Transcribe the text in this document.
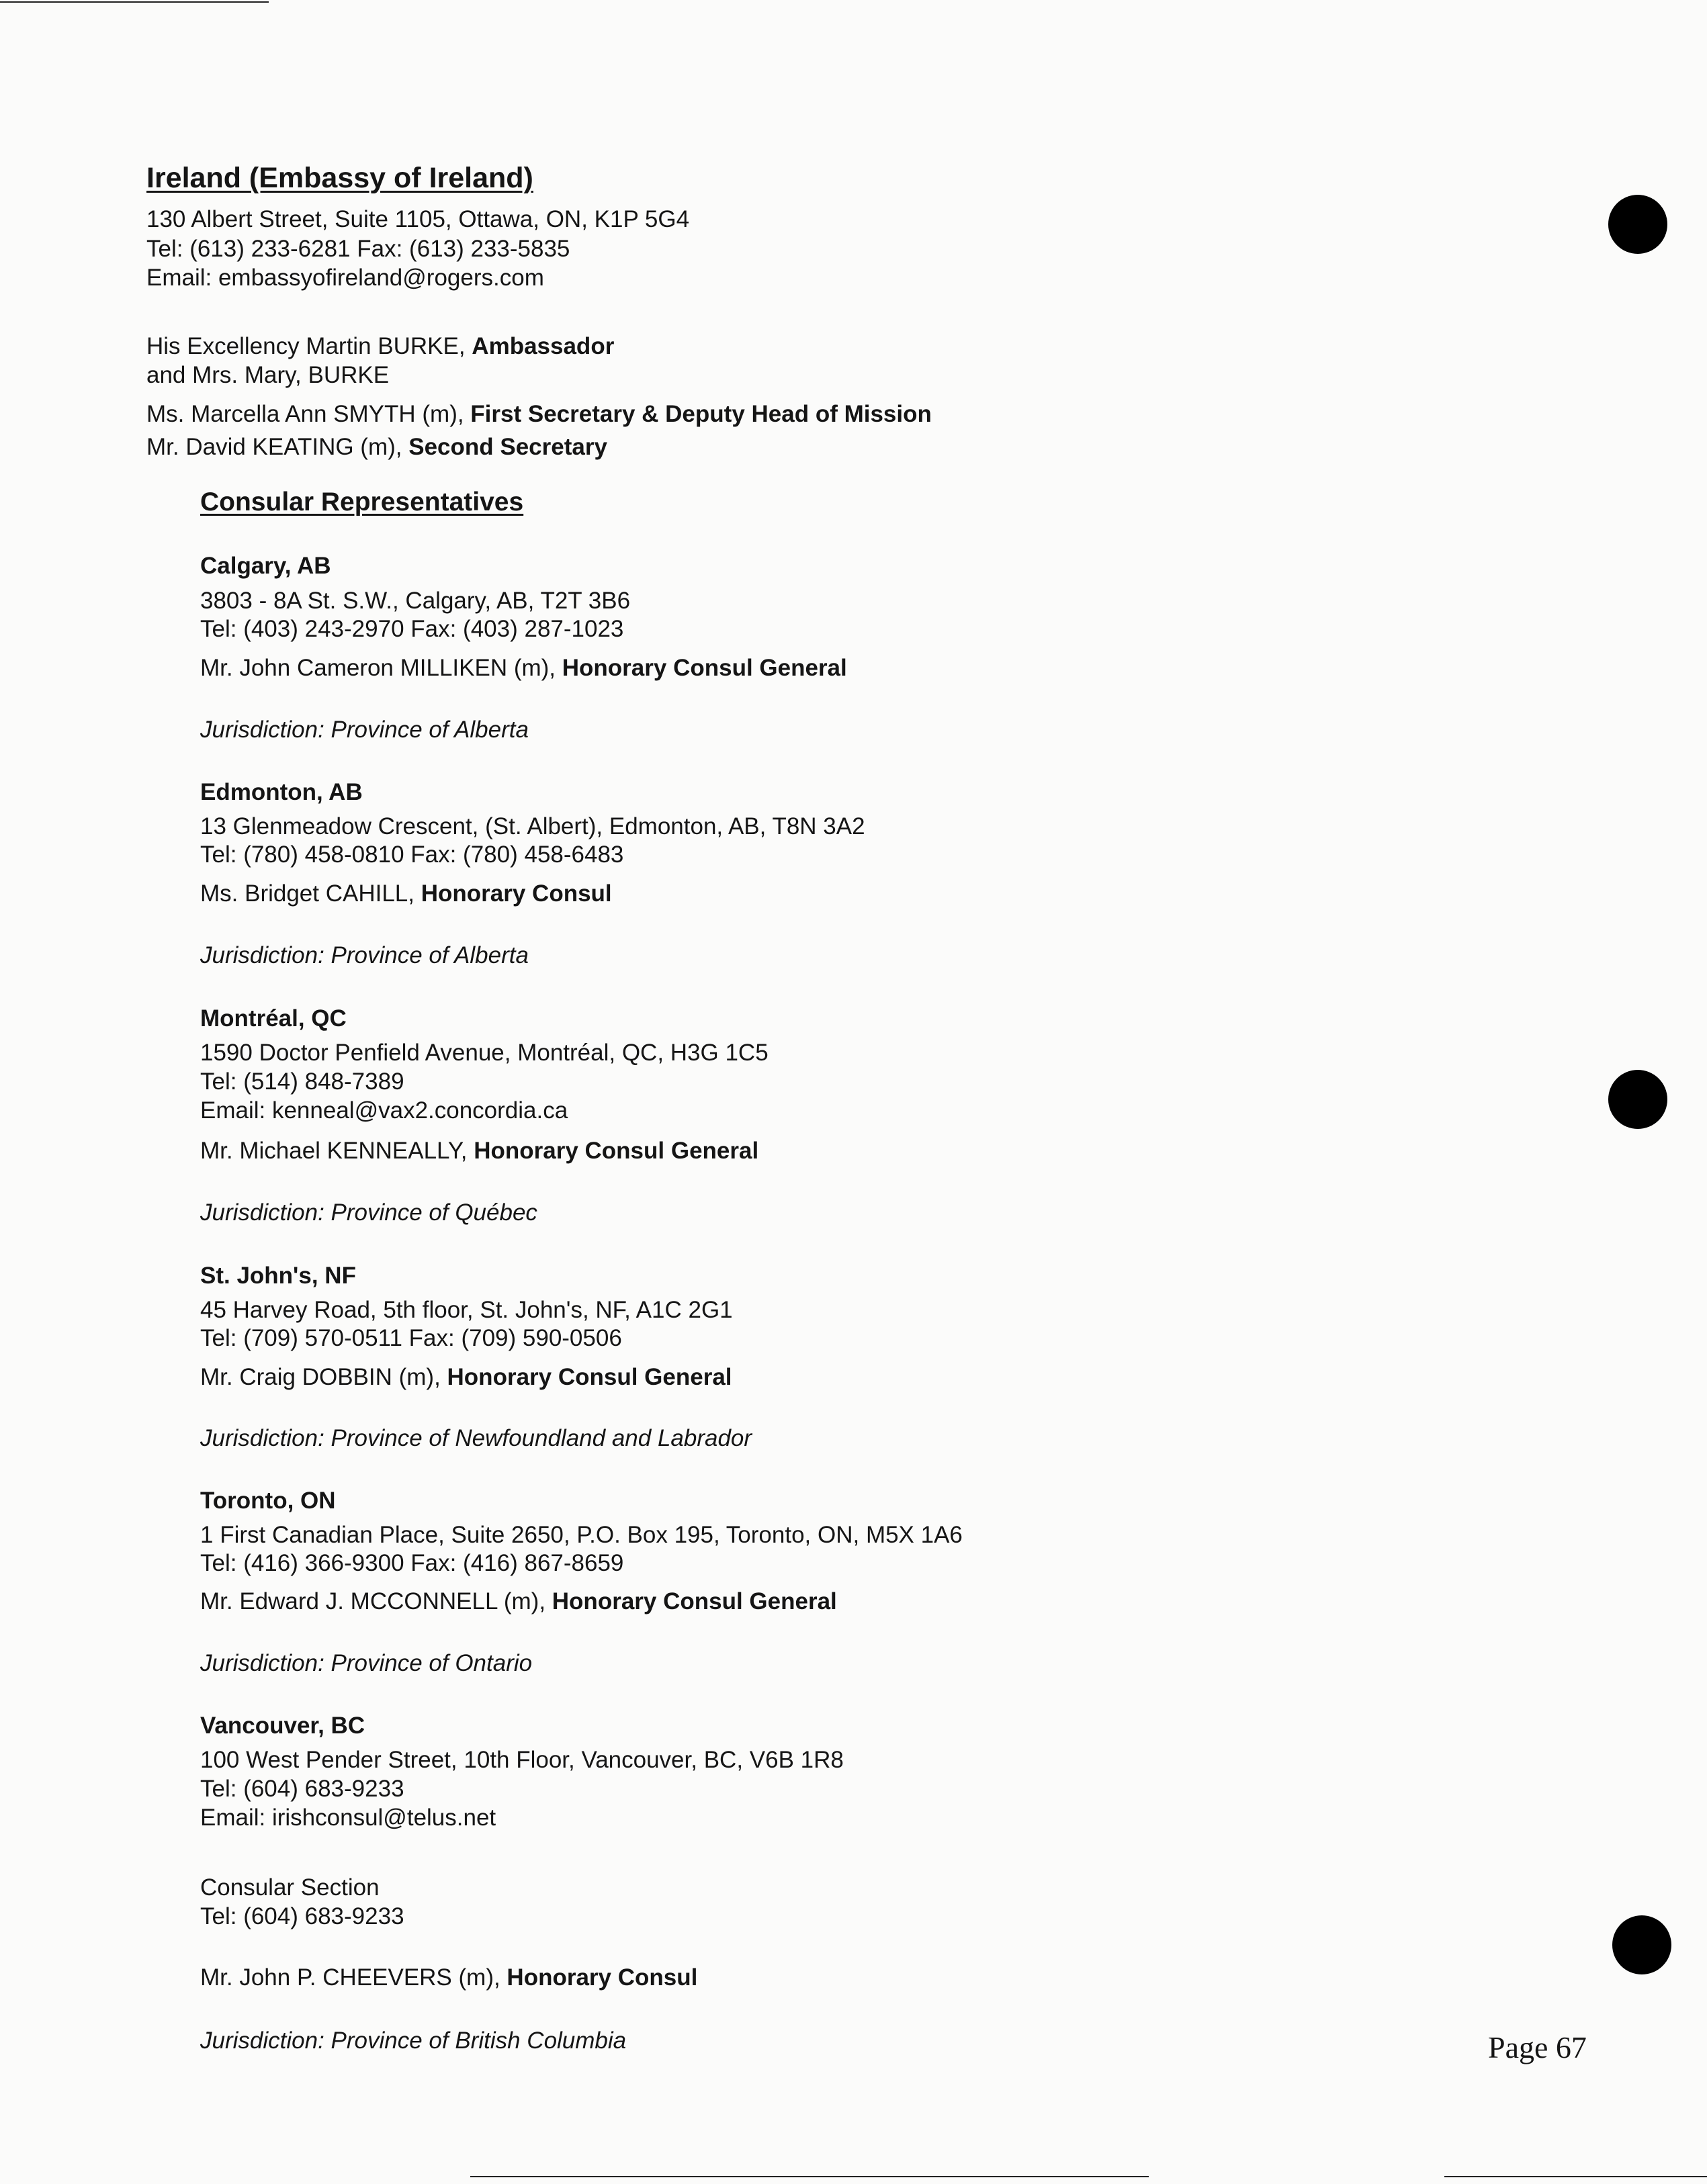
Ireland (Embassy of Ireland)
130 Albert Street, Suite 1105, Ottawa, ON, K1P 5G4
Tel: (613) 233-6281 Fax: (613) 233-5835
Email: embassyofireland@rogers.com
His Excellency Martin BURKE, Ambassador
and Mrs. Mary, BURKE
Ms. Marcella Ann SMYTH (m), First Secretary & Deputy Head of Mission
Mr. David KEATING (m), Second Secretary
Consular Representatives
Calgary, AB
3803 - 8A St. S.W., Calgary, AB, T2T 3B6
Tel: (403) 243-2970 Fax: (403) 287-1023
Mr. John Cameron MILLIKEN (m), Honorary Consul General
Jurisdiction: Province of Alberta
Edmonton, AB
13 Glenmeadow Crescent, (St. Albert), Edmonton, AB, T8N 3A2
Tel: (780) 458-0810 Fax: (780) 458-6483
Ms. Bridget CAHILL, Honorary Consul
Jurisdiction: Province of Alberta
Montréal, QC
1590 Doctor Penfield Avenue, Montréal, QC, H3G 1C5
Tel: (514) 848-7389
Email: kenneal@vax2.concordia.ca
Mr. Michael KENNEALLY, Honorary Consul General
Jurisdiction: Province of Québec
St. John's, NF
45 Harvey Road, 5th floor, St. John's, NF, A1C 2G1
Tel: (709) 570-0511 Fax: (709) 590-0506
Mr. Craig DOBBIN (m), Honorary Consul General
Jurisdiction: Province of Newfoundland and Labrador
Toronto, ON
1 First Canadian Place, Suite 2650, P.O. Box 195, Toronto, ON, M5X 1A6
Tel: (416) 366-9300 Fax: (416) 867-8659
Mr. Edward J. MCCONNELL (m), Honorary Consul General
Jurisdiction: Province of Ontario
Vancouver, BC
100 West Pender Street, 10th Floor, Vancouver, BC, V6B 1R8
Tel: (604) 683-9233
Email: irishconsul@telus.net
Consular Section
Tel: (604) 683-9233
Mr. John P. CHEEVERS (m), Honorary Consul
Jurisdiction: Province of British Columbia	Page 67
